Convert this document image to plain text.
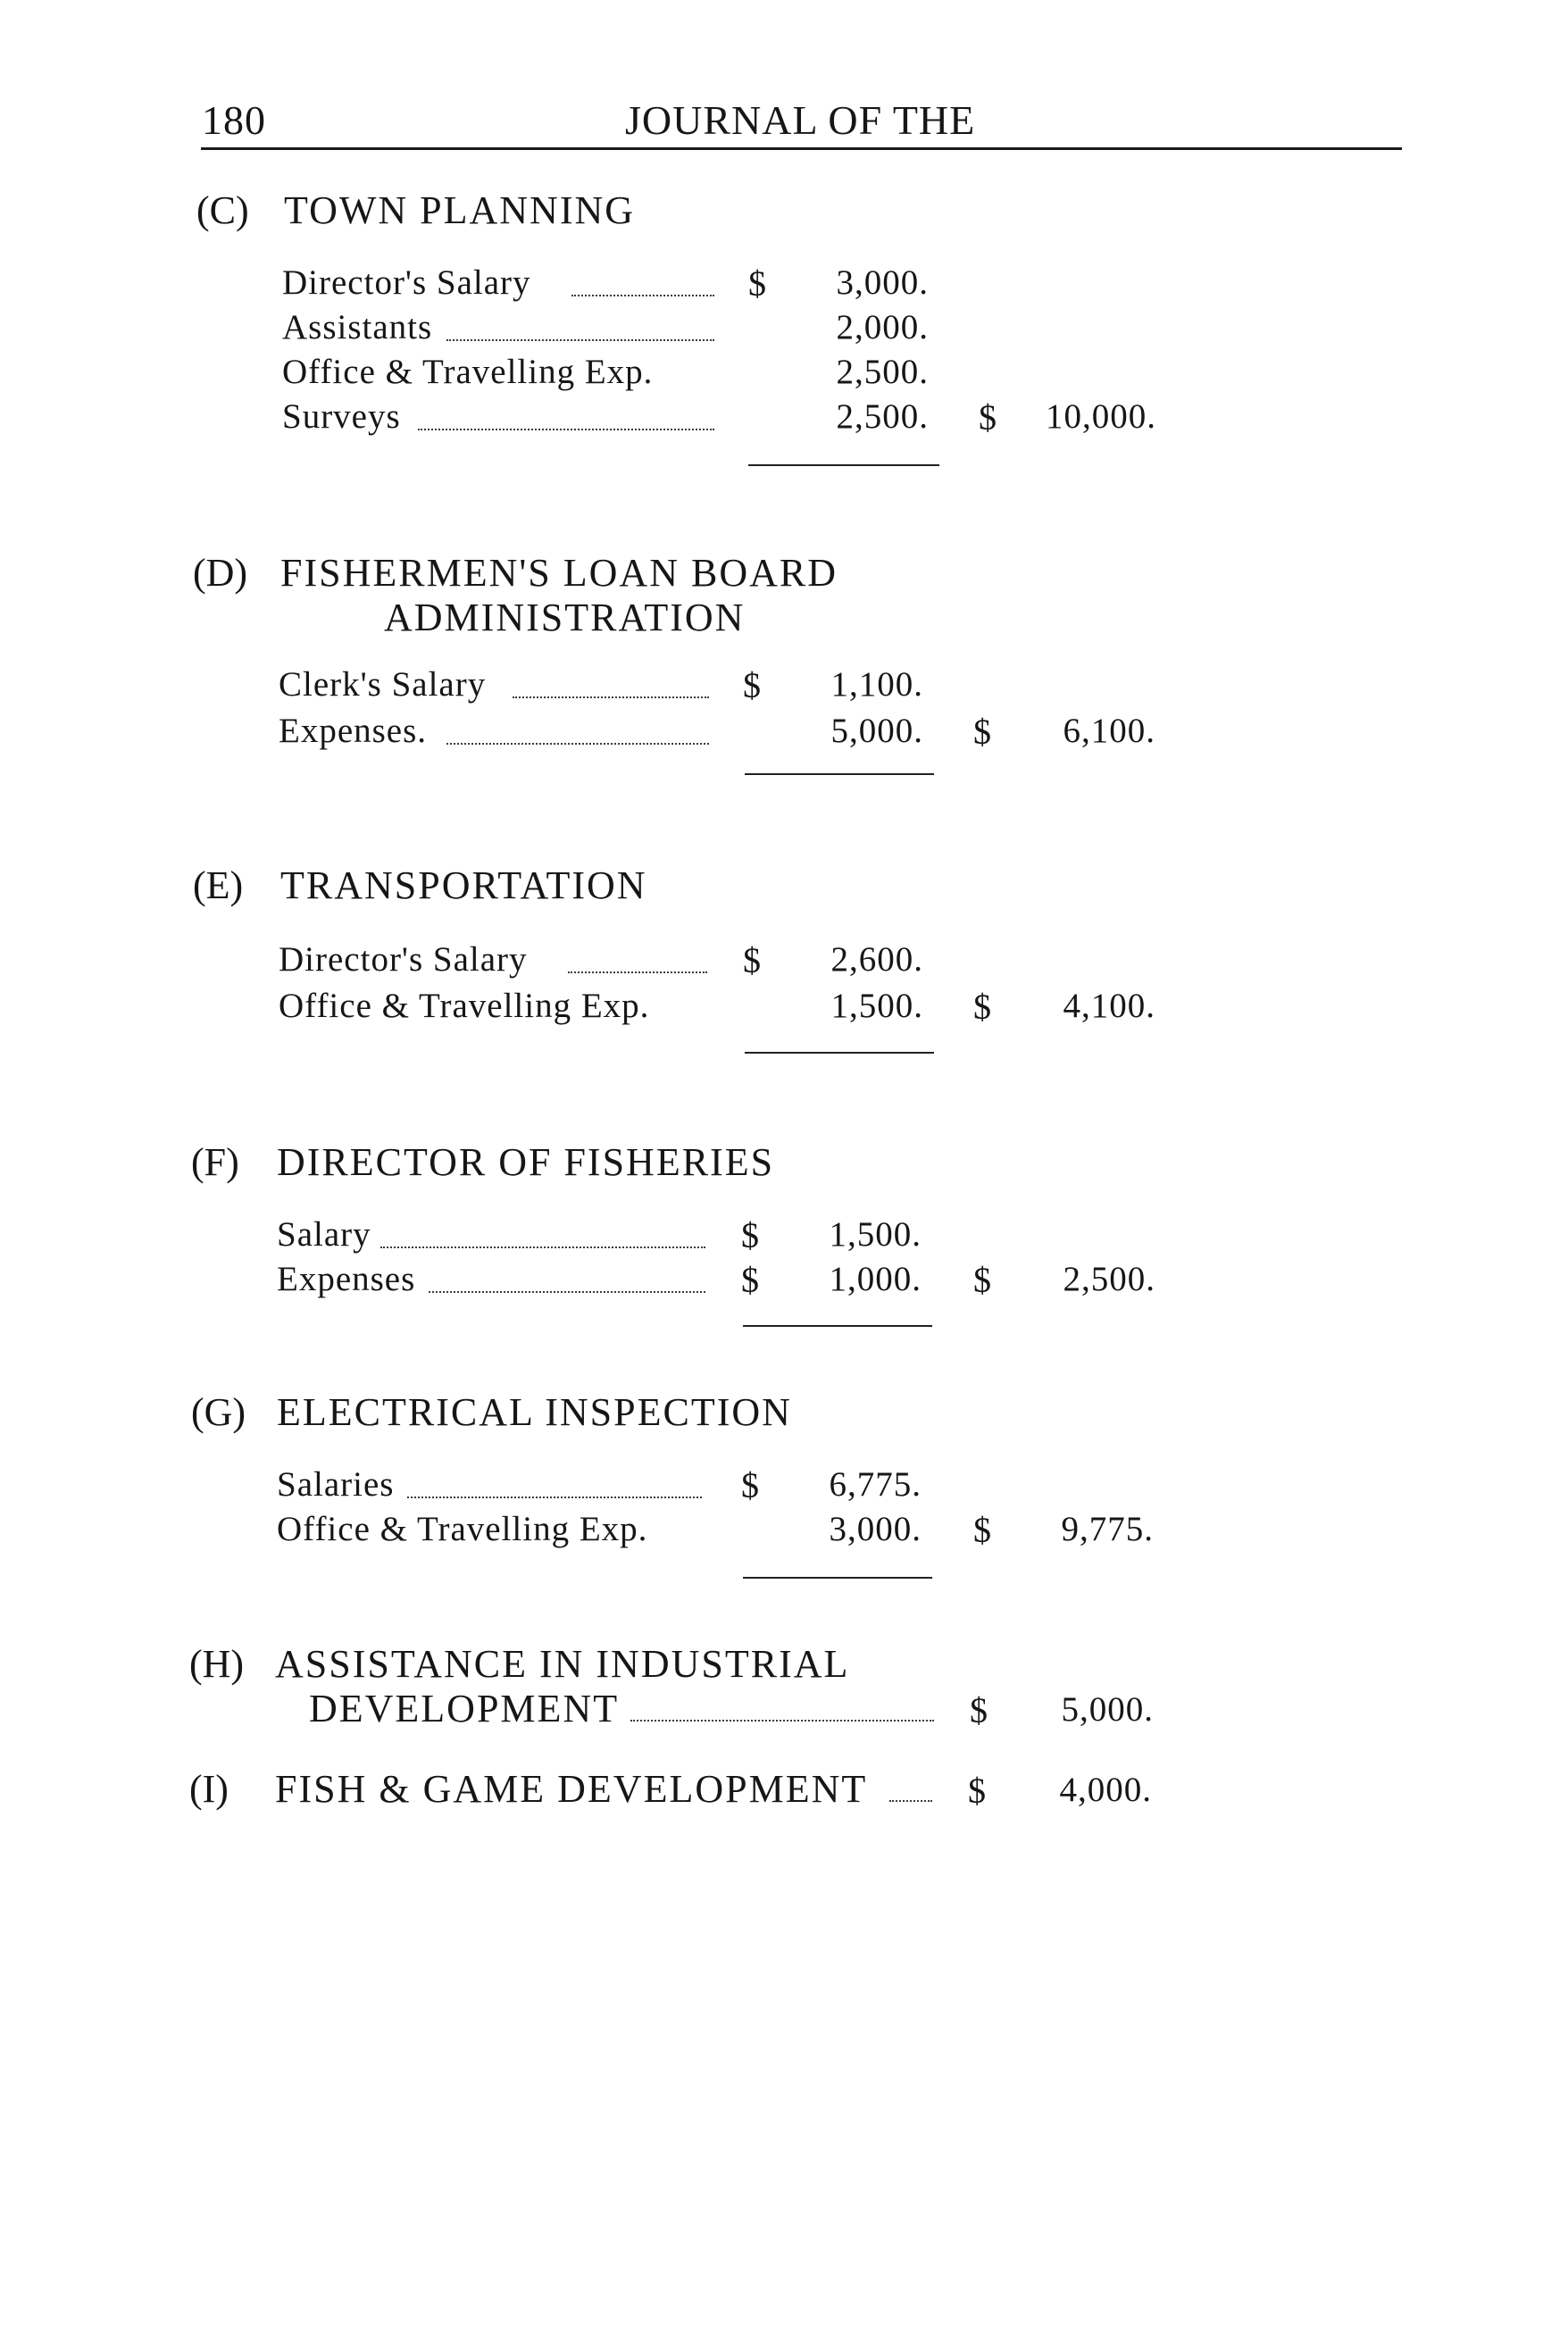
180	JOURNAL OF THE
(C) TOWN PLANNING
Director's Salary	$	3,000.
Assistants	2,000.
Office & Travelling Exp.	2,500.
Surveys	2,500. $	10,000.
(D) FISHERMEN'S LOAN BOARD
ADMINISTRATION
Clerk's Salary	$	1,100.
Expenses.	5,000. $	6,100.
(E) TRANSPORTATION
Director's Salary	$	2,600.
Office & Travelling Exp.	1,500. $	4,100.
(F) DIRECTOR OF FISHERIES
Salary	$	1,500.
Expenses	$	1,000. $	2,500.
(G) ELECTRICAL INSPECTION
Salaries	$	6,775.
Office & Travelling Exp.	3,000. $	9,775.
(H) ASSISTANCE IN INDUSTRIAL
DEVELOPMENT	$	5,000.
(I) FISH & GAME DEVELOPMENT	$	4,000.
